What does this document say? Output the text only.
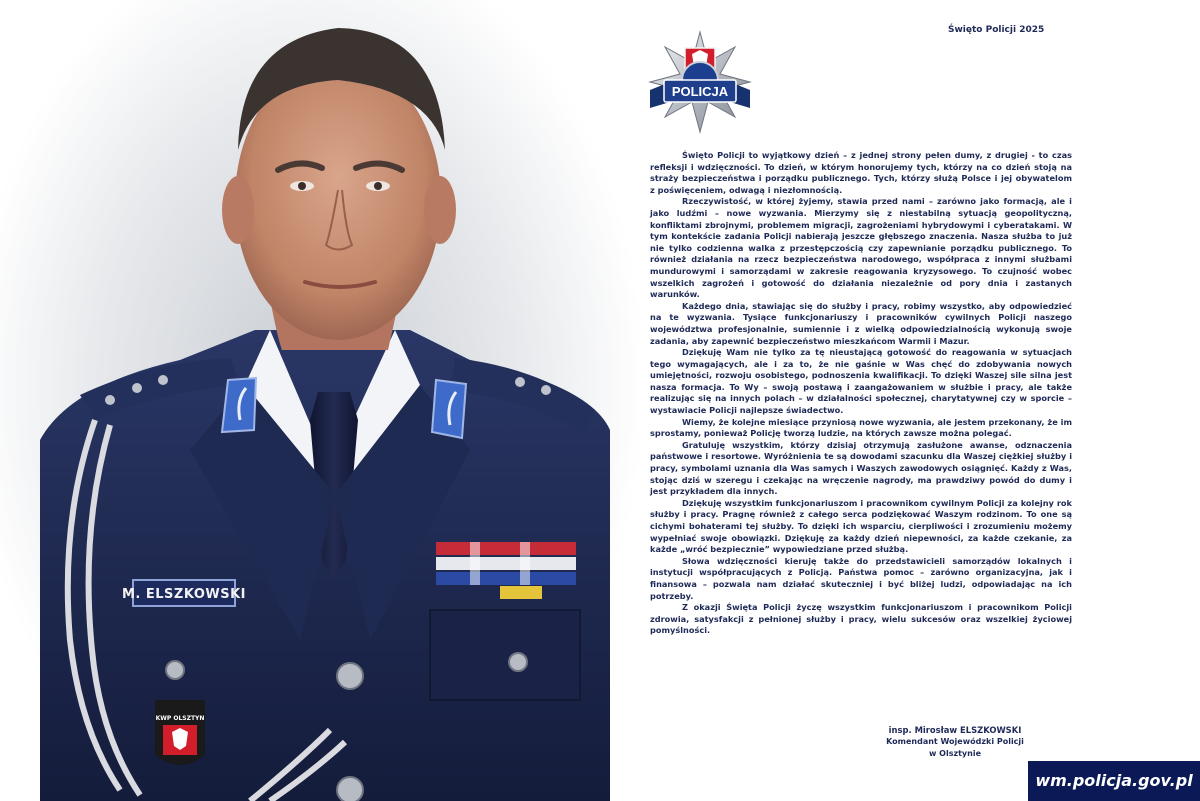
M. ELSZKOWSKI
KWP OLSZTYN
Święto Policji 2025
POLICJA

Święto Policji to wyjątkowy dzień – z jednej strony pełen dumy, z drugiej - to czas refleksji i wdzięczności. To dzień, w którym honorujemy tych, którzy na co dzień stoją na straży bezpieczeństwa i porządku publicznego. Tych, którzy służą Polsce i jej obywatelom z poświęceniem, odwagą i niezłomnością.

Rzeczywistość, w której żyjemy, stawia przed nami – zarówno jako formacją, ale i jako ludźmi – nowe wyzwania. Mierzymy się z niestabilną sytuacją geopolityczną, konfliktami zbrojnymi, problemem migracji, zagrożeniami hybrydowymi i cyberatakami. W tym kontekście zadania Policji nabierają jeszcze głębszego znaczenia. Nasza służba to już nie tylko codzienna walka z przestępczością czy zapewnianie porządku publicznego. To również działania na rzecz bezpieczeństwa narodowego, współpraca z innymi służbami mundurowymi i samorządami w zakresie reagowania kryzysowego. To czujność wobec wszelkich zagrożeń i gotowość do działania niezależnie od pory dnia i zastanych warunków.

Każdego dnia, stawiając się do służby i pracy, robimy wszystko, aby odpowiedzieć na te wyzwania. Tysiące funkcjonariuszy i pracowników cywilnych Policji naszego województwa profesjonalnie, sumiennie i z wielką odpowiedzialnością wykonują swoje zadania, aby zapewnić bezpieczeństwo mieszkańcom Warmii i Mazur.

Dziękuję Wam nie tylko za tę nieustającą gotowość do reagowania w sytuacjach tego wymagających, ale i za to, że nie gaśnie w Was chęć do zdobywania nowych umiejętności, rozwoju osobistego, podnoszenia kwalifikacji. To dzięki Waszej sile silna jest nasza formacja. To Wy – swoją postawą i zaangażowaniem w służbie i pracy, ale także realizując się na innych polach – w działalności społecznej, charytatywnej czy w sporcie – wystawiacie Policji najlepsze świadectwo.

Wiemy, że kolejne miesiące przyniosą nowe wyzwania, ale jestem przekonany, że im sprostamy, ponieważ Policję tworzą ludzie, na których zawsze można polegać.

Gratuluję wszystkim, którzy dzisiaj otrzymują zasłużone awanse, odznaczenia państwowe i resortowe. Wyróżnienia te są dowodami szacunku dla Waszej ciężkiej służby i pracy, symbolami uznania dla Was samych i Waszych zawodowych osiągnięć. Każdy z Was, stojąc dziś w szeregu i czekając na wręczenie nagrody, ma prawdziwy powód do dumy i jest przykładem dla innych.

Dziękuję wszystkim funkcjonariuszom i pracownikom cywilnym Policji za kolejny rok służby i pracy. Pragnę również z całego serca podziękować Waszym rodzinom. To one są cichymi bohaterami tej służby. To dzięki ich wsparciu, cierpliwości i zrozumieniu możemy wypełniać swoje obowiązki. Dziękuję za każdy dzień niepewności, za każde czekanie, za każde „wróć bezpiecznie” wypowiedziane przed służbą.

Słowa wdzięczności kieruję także do przedstawicieli samorządów lokalnych i instytucji współpracujących z Policją. Państwa pomoc – zarówno organizacyjna, jak i finansowa – pozwala nam działać skuteczniej i być bliżej ludzi, odpowiadając na ich potrzeby.

Z okazji Święta Policji życzę wszystkim funkcjonariuszom i pracownikom Policji zdrowia, satysfakcji z pełnionej służby i pracy, wielu sukcesów oraz wszelkiej życiowej pomyślności.

insp. Mirosław ELSZKOWSKI
Komendant Wojewódzki Policji
w Olsztynie
wm.policja.gov.pl
